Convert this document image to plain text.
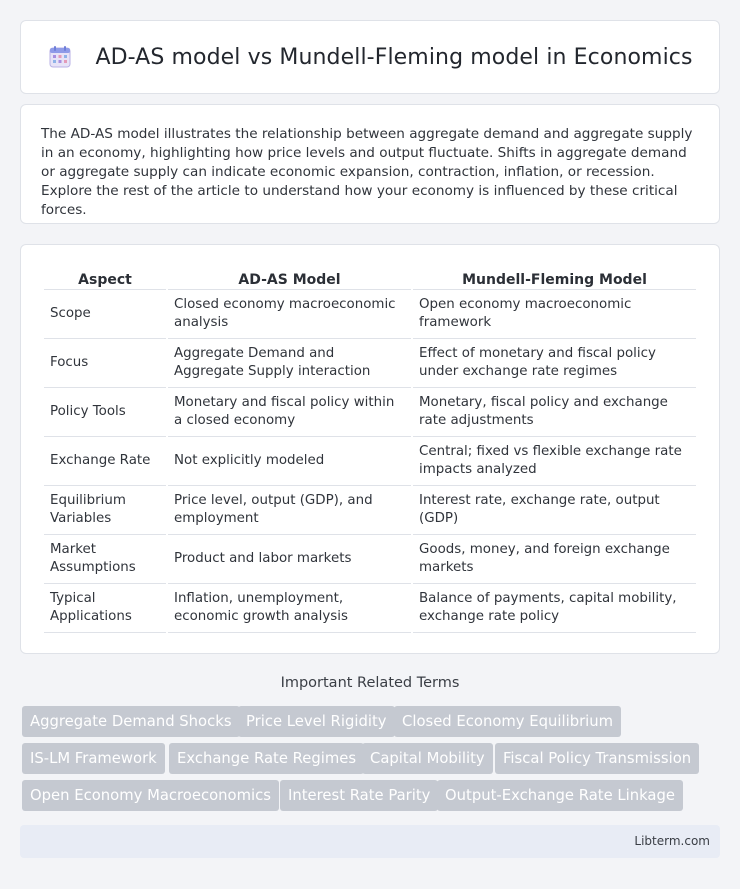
AD-AS model vs Mundell-Fleming model in Economics

The AD-AS model illustrates the relationship between aggregate demand and aggregate supply in an economy, highlighting how price levels and output fluctuate. Shifts in aggregate demand or aggregate supply can indicate economic expansion, contraction, inflation, or recession. Explore the rest of the article to understand how your economy is influenced by these critical forces.

Aspect	AD-AS Model	Mundell-Fleming Model
Scope	Closed economy macroeconomic analysis	Open economy macroeconomic framework
Focus	Aggregate Demand and Aggregate Supply interaction	Effect of monetary and fiscal policy under exchange rate regimes
Policy Tools	Monetary and fiscal policy within a closed economy	Monetary, fiscal policy and exchange rate adjustments
Exchange Rate	Not explicitly modeled	Central; fixed vs flexible exchange rate impacts analyzed
Equilibrium Variables	Price level, output (GDP), and employment	Interest rate, exchange rate, output (GDP)
Market Assumptions	Product and labor markets	Goods, money, and foreign exchange markets
Typical Applications	Inflation, unemployment, economic growth analysis	Balance of payments, capital mobility, exchange rate policy
Important Related Terms
Aggregate Demand Shocks Price Level Rigidity	Closed Economy Equilibrium
IS-LM Framework	Exchange Rate Regimes Capital Mobility	Fiscal Policy Transmission
Open Economy Macroeconomics	Interest Rate Parity Output-Exchange Rate Linkage
Libterm.com
